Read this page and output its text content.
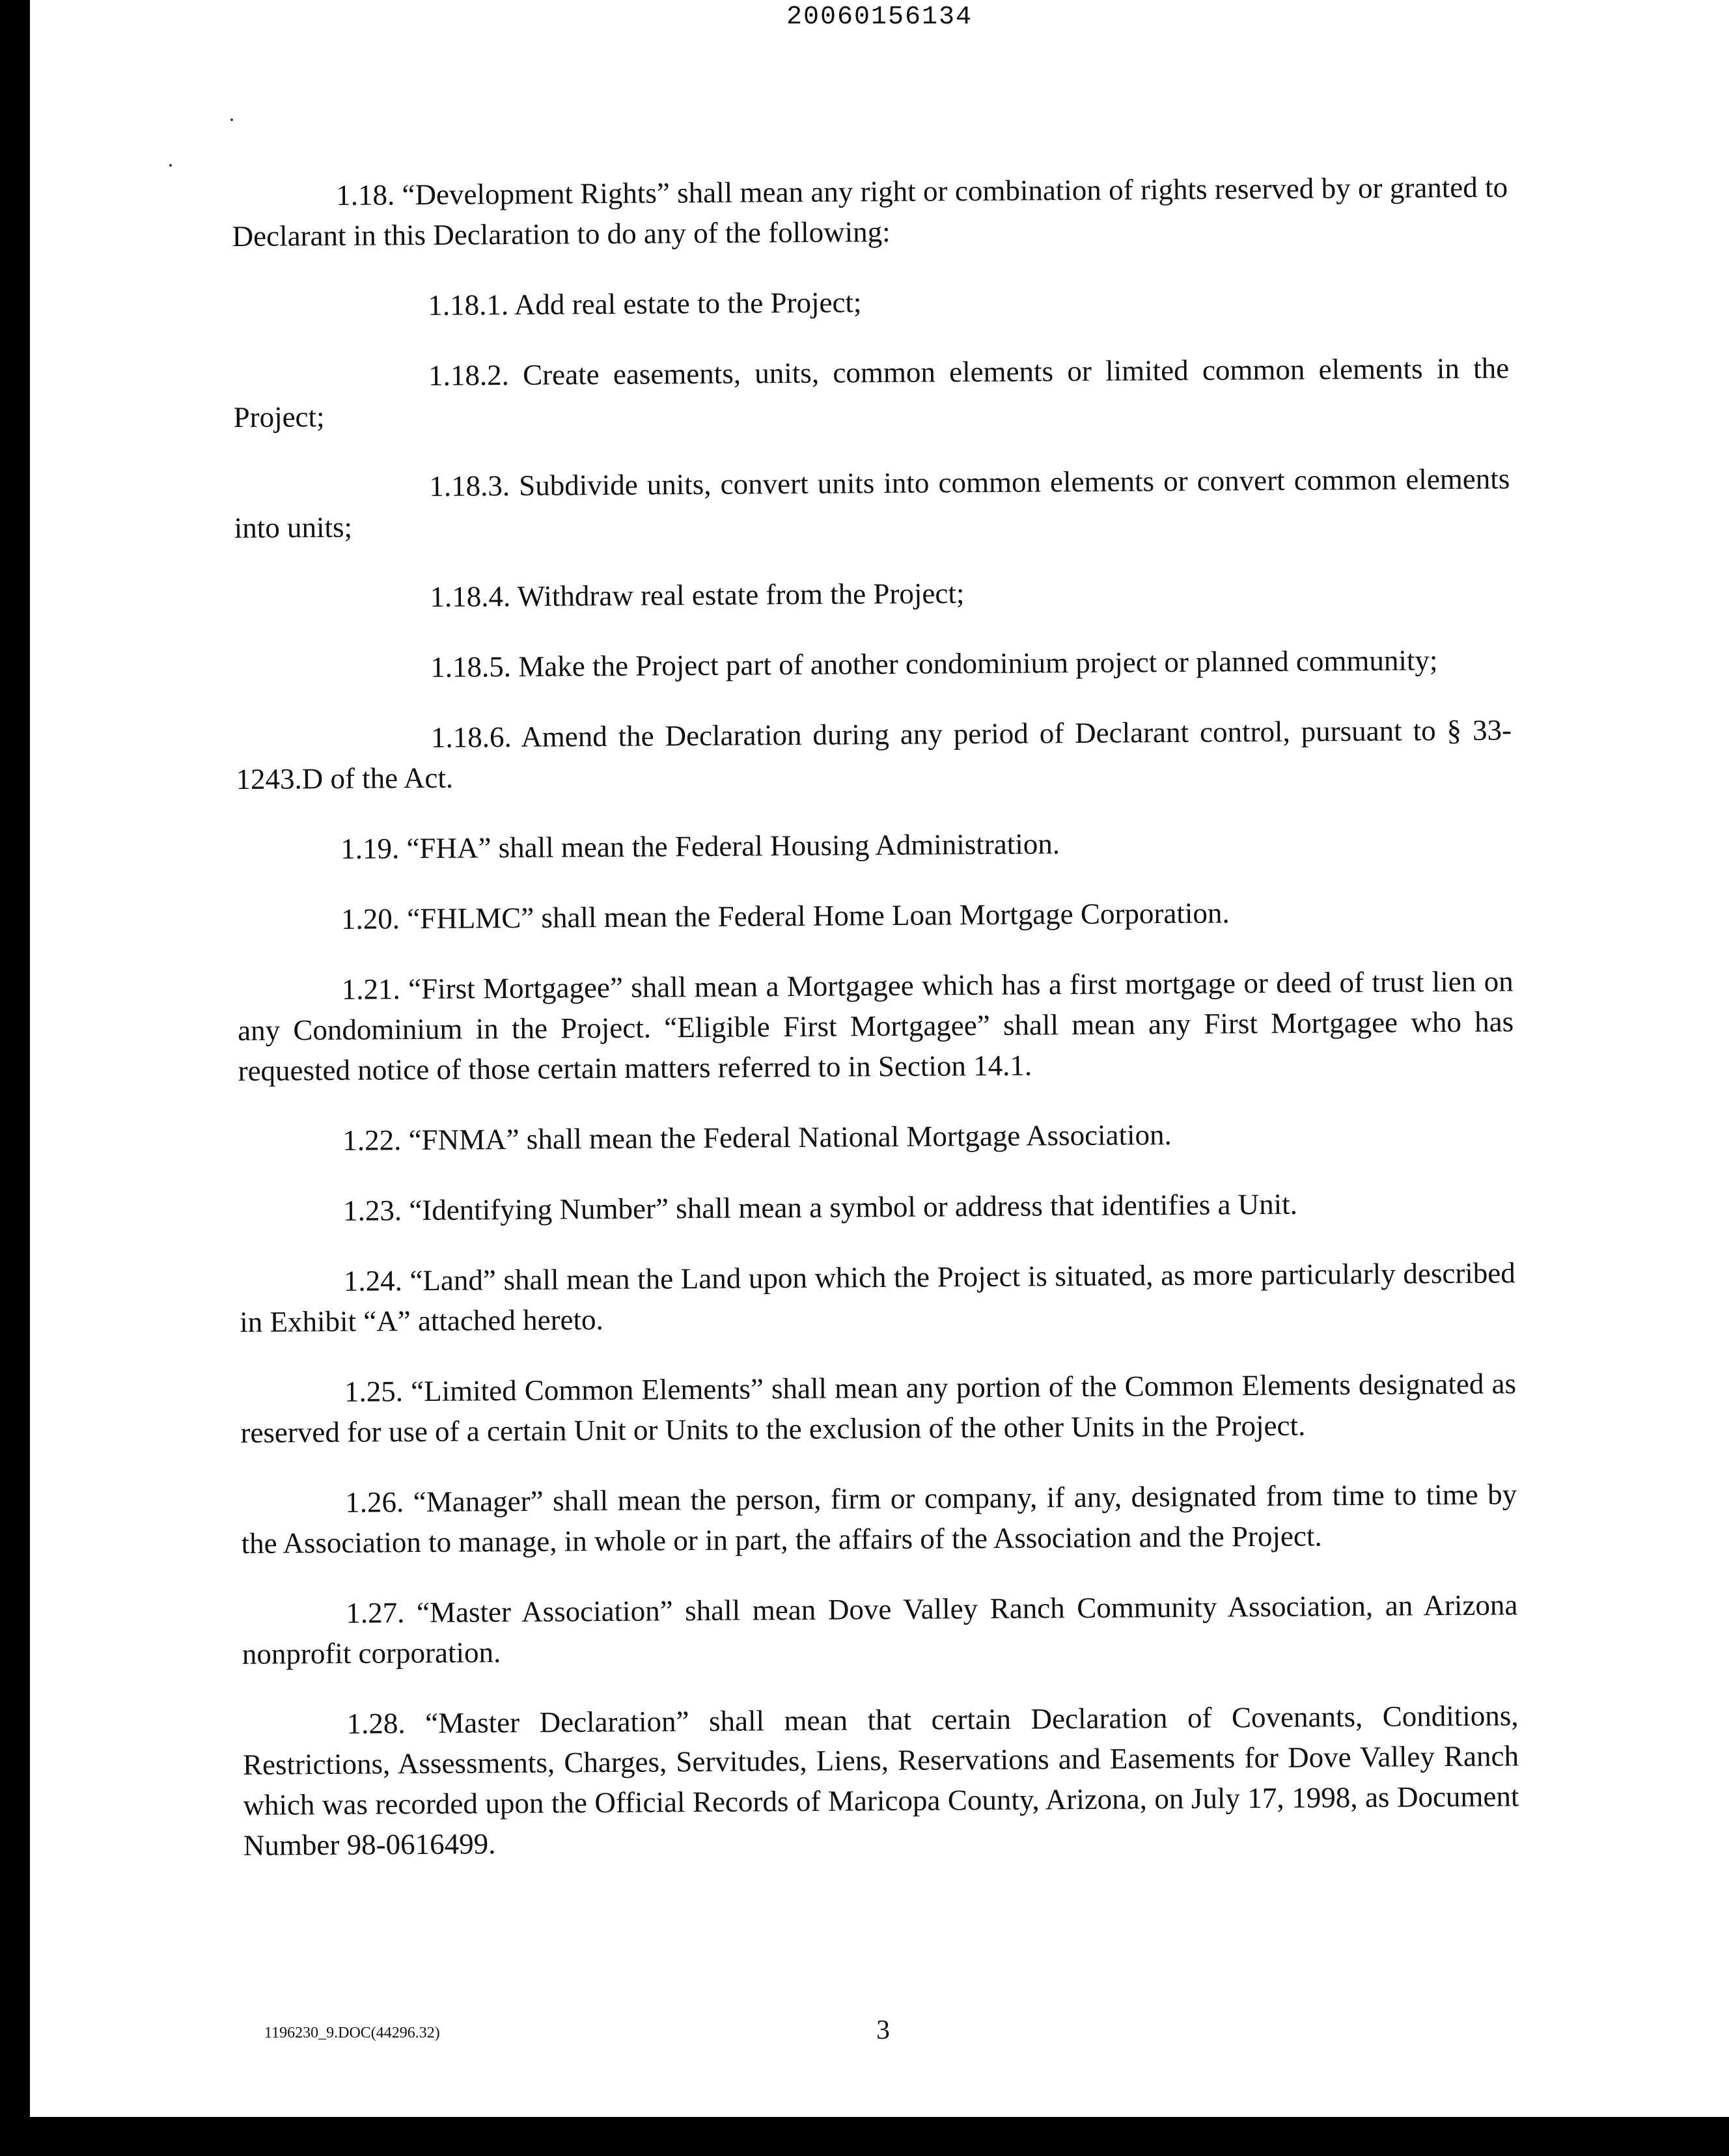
20060156134

1.18. “Development Rights” shall mean any right or combination of rights reserved by or granted to Declarant in this Declaration to do any of the following:

1.18.1. Add real estate to the Project;

1.18.2. Create easements, units, common elements or limited common elements in the Project;

1.18.3. Subdivide units, convert units into common elements or convert common elements into units;

1.18.4. Withdraw real estate from the Project;

1.18.5. Make the Project part of another condominium project or planned community;

1.18.6. Amend the Declaration during any period of Declarant control, pursuant to § 33-1243.D of the Act.

1.19. “FHA” shall mean the Federal Housing Administration.

1.20. “FHLMC” shall mean the Federal Home Loan Mortgage Corporation.

1.21. “First Mortgagee” shall mean a Mortgagee which has a first mortgage or deed of trust lien on any Condominium in the Project. “Eligible First Mortgagee” shall mean any First Mortgagee who has requested notice of those certain matters referred to in Section 14.1.

1.22. “FNMA” shall mean the Federal National Mortgage Association.

1.23. “Identifying Number” shall mean a symbol or address that identifies a Unit.

1.24. “Land” shall mean the Land upon which the Project is situated, as more particularly described in Exhibit “A” attached hereto.

1.25. “Limited Common Elements” shall mean any portion of the Common Elements designated as reserved for use of a certain Unit or Units to the exclusion of the other Units in the Project.

1.26. “Manager” shall mean the person, firm or company, if any, designated from time to time by the Association to manage, in whole or in part, the affairs of the Association and the Project.

1.27. “Master Association” shall mean Dove Valley Ranch Community Association, an Arizona nonprofit corporation.

1.28. “Master Declaration” shall mean that certain Declaration of Covenants, Conditions, Restrictions, Assessments, Charges, Servitudes, Liens, Reservations and Easements for Dove Valley Ranch which was recorded upon the Official Records of Maricopa County, Arizona, on July 17, 1998, as Document Number 98-0616499.

1196230_9.DOC(44296.32)	3
